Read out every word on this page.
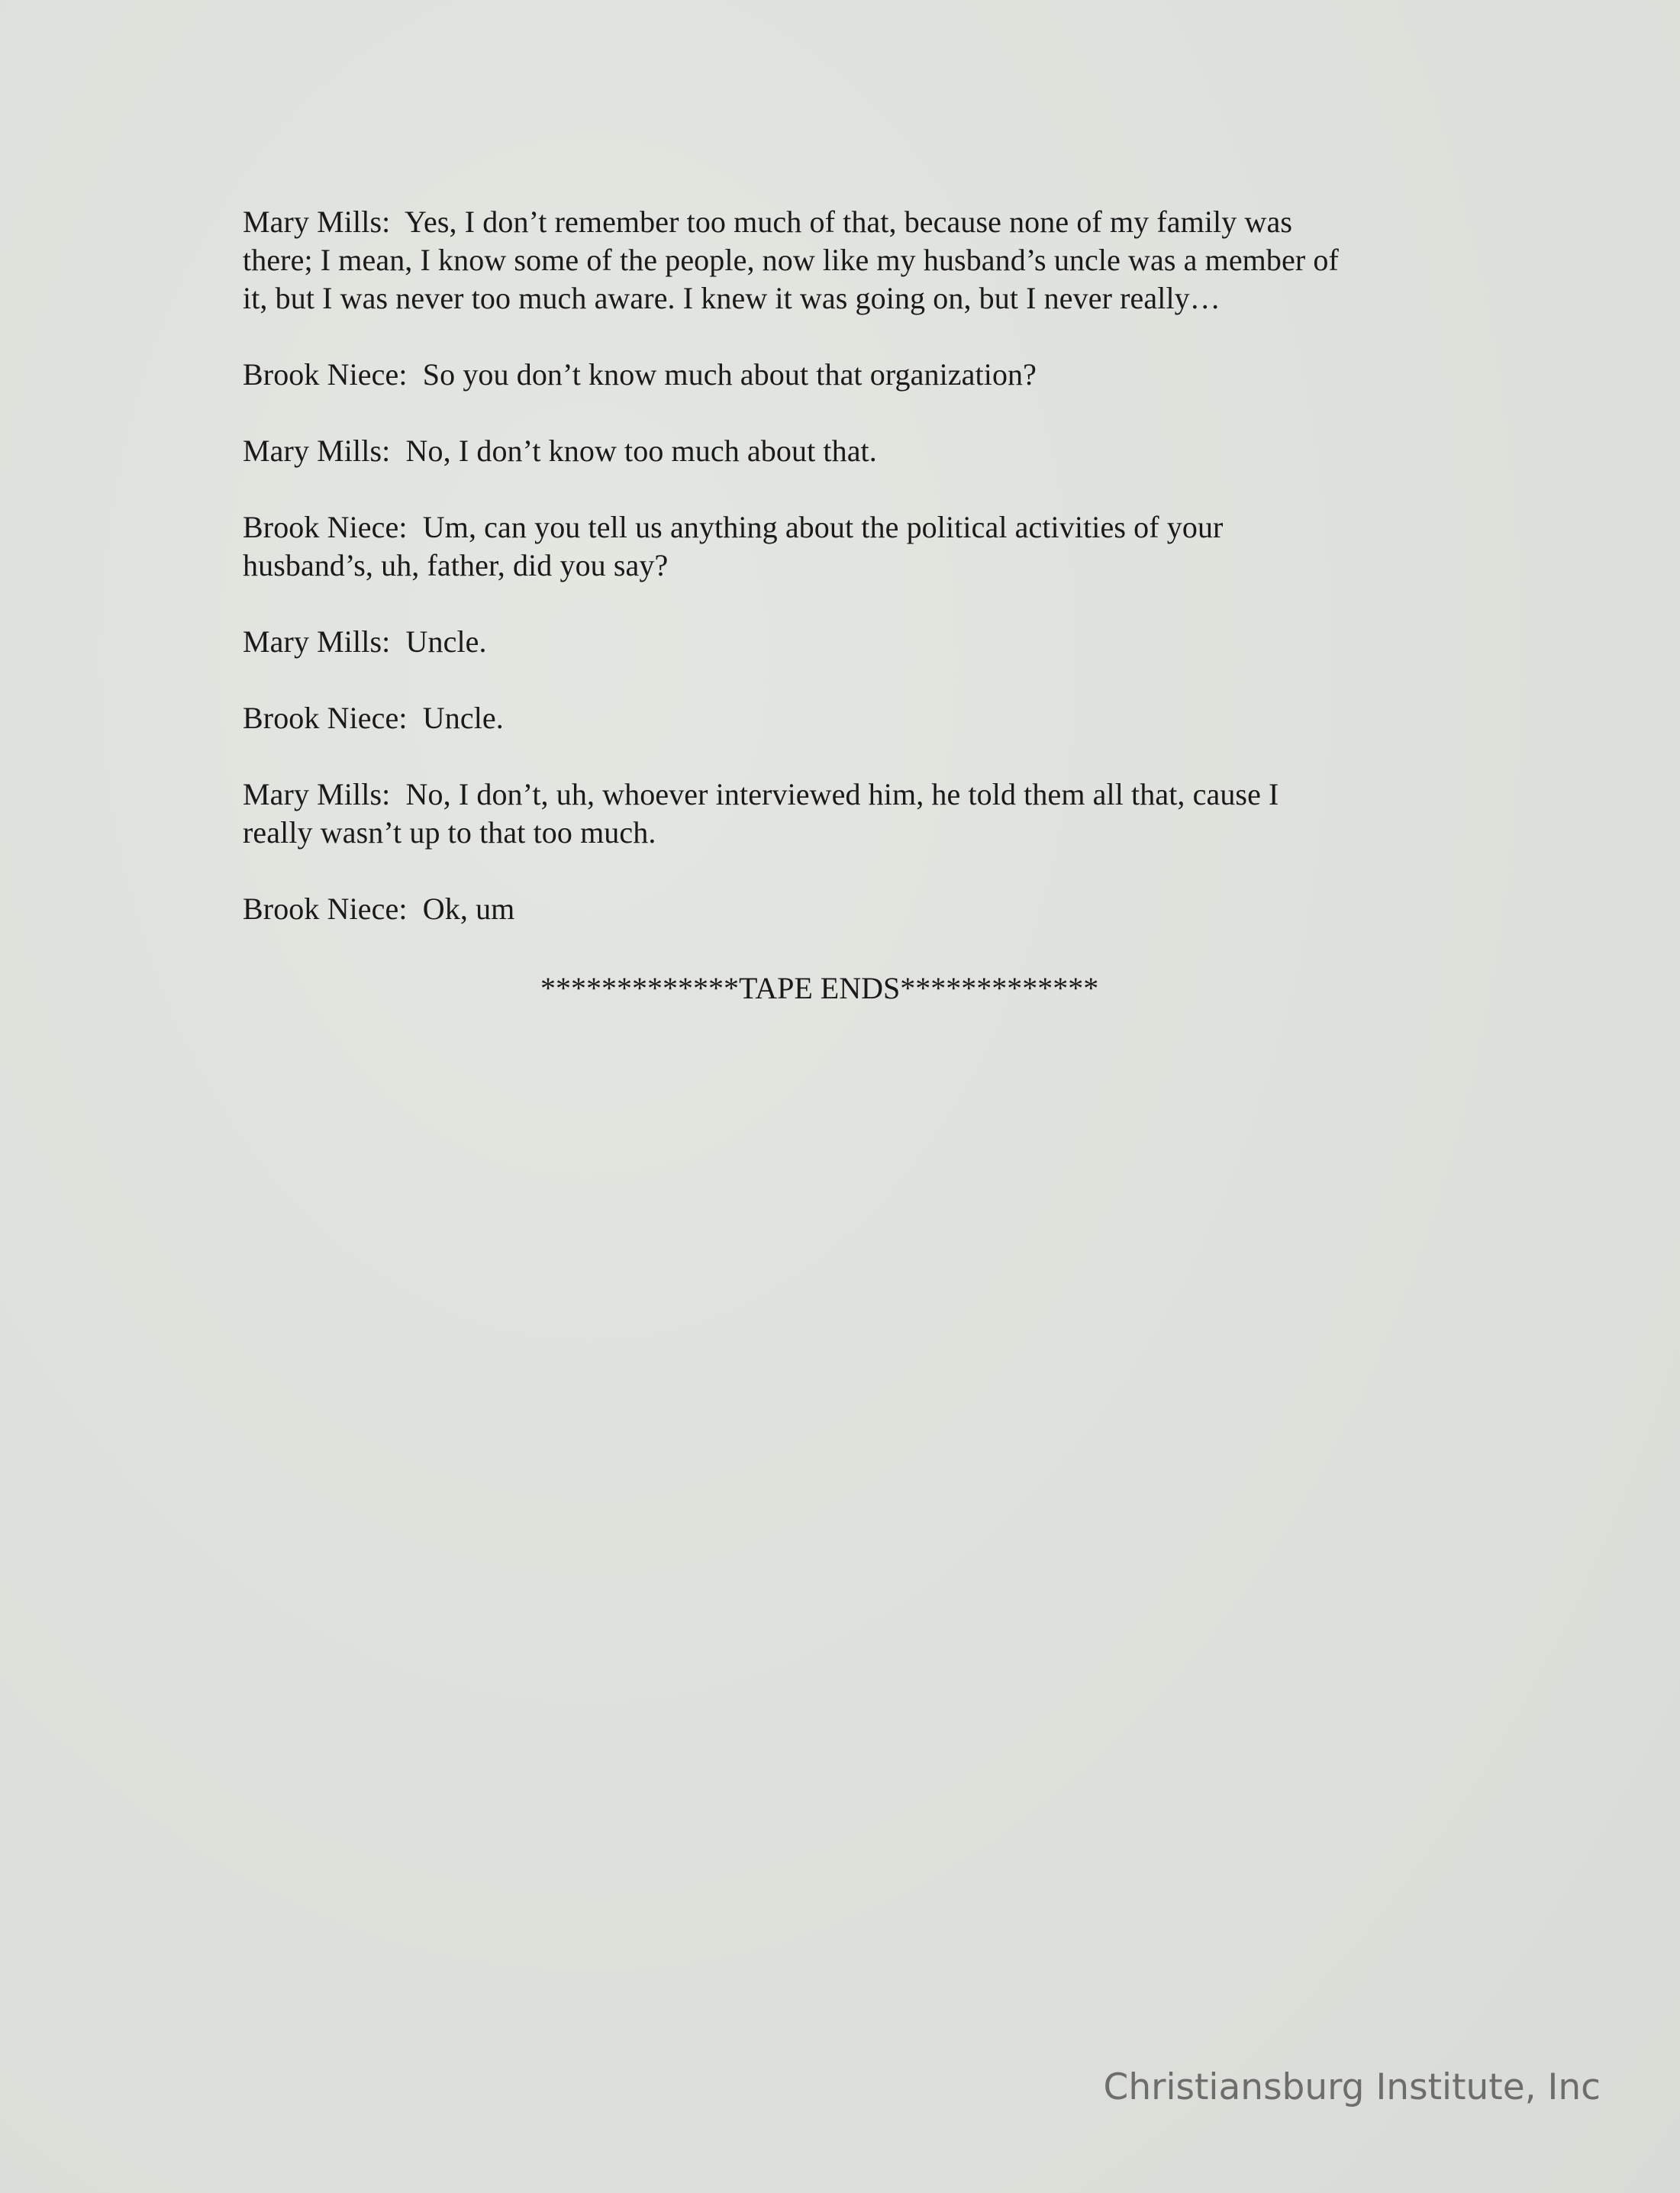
Mary Mills: Yes, I don’t remember too much of that, because none of my family was
there; I mean, I know some of the people, now like my husband’s uncle was a member of
it, but I was never too much aware. I knew it was going on, but I never really…
Brook Niece: So you don’t know much about that organization?
Mary Mills: No, I don’t know too much about that.
Brook Niece: Um, can you tell us anything about the political activities of your
husband’s, uh, father, did you say?
Mary Mills: Uncle.
Brook Niece: Uncle.
Mary Mills: No, I don’t, uh, whoever interviewed him, he told them all that, cause I
really wasn’t up to that too much.
Brook Niece: Ok, um
*************TAPE ENDS*************
Christiansburg Institute, Inc
